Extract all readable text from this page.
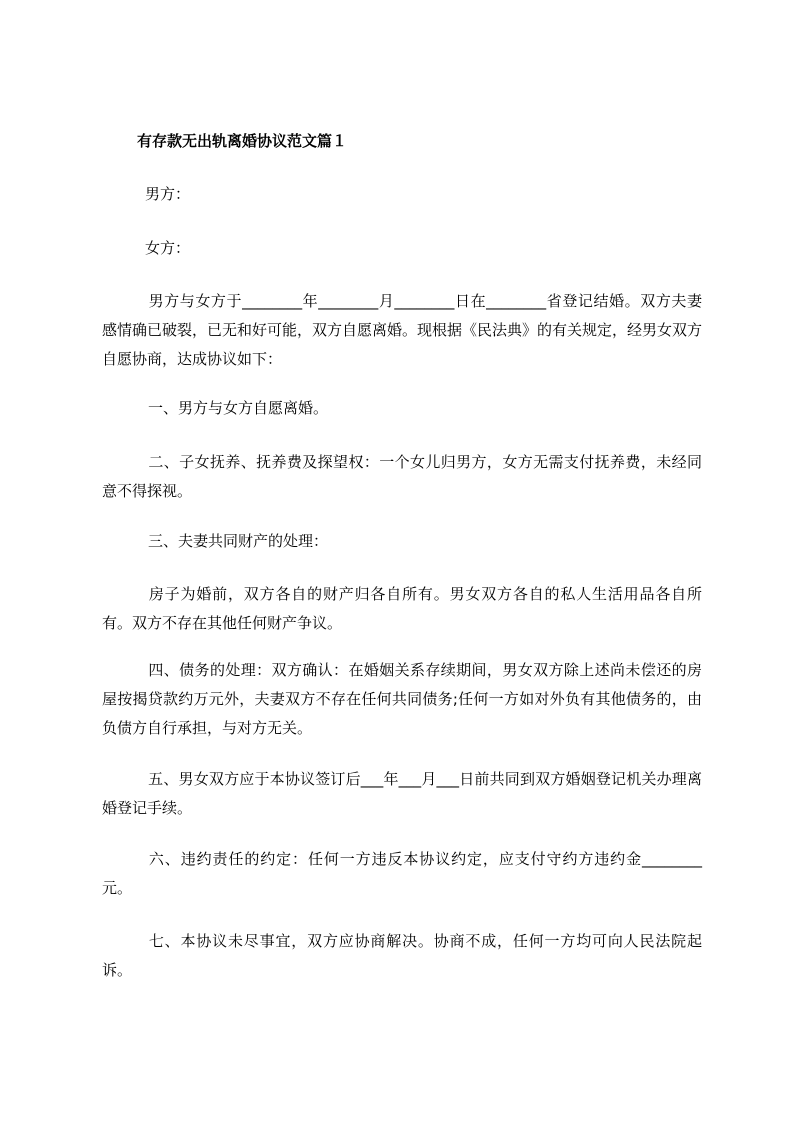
有存款无出轨离婚协议范文篇１
男方：
女方：
男方与女方于________年________月________日在________省登记结婚。双方夫妻感情确已破裂，已无和好可能，双方自愿离婚。现根据《民法典》的有关规定，经男女双方自愿协商，达成协议如下：
一、男方与女方自愿离婚。
二、子女抚养、抚养费及探望权：一个女儿归男方，女方无需支付抚养费，未经同意不得探视。
三、夫妻共同财产的处理：
房子为婚前，双方各自的财产归各自所有。男女双方各自的私人生活用品各自所有。双方不存在其他任何财产争议。
四、债务的处理：双方确认：在婚姻关系存续期间，男女双方除上述尚未偿还的房屋按揭贷款约万元外，夫妻双方不存在任何共同债务;任何一方如对外负有其他债务的，由负债方自行承担，与对方无关。
五、男女双方应于本协议签订后___年___月___日前共同到双方婚姻登记机关办理离婚登记手续。
六、违约责任的约定：任何一方违反本协议约定，应支付守约方违约金________元。
七、本协议未尽事宜，双方应协商解决。协商不成，任何一方均可向人民法院起诉。
